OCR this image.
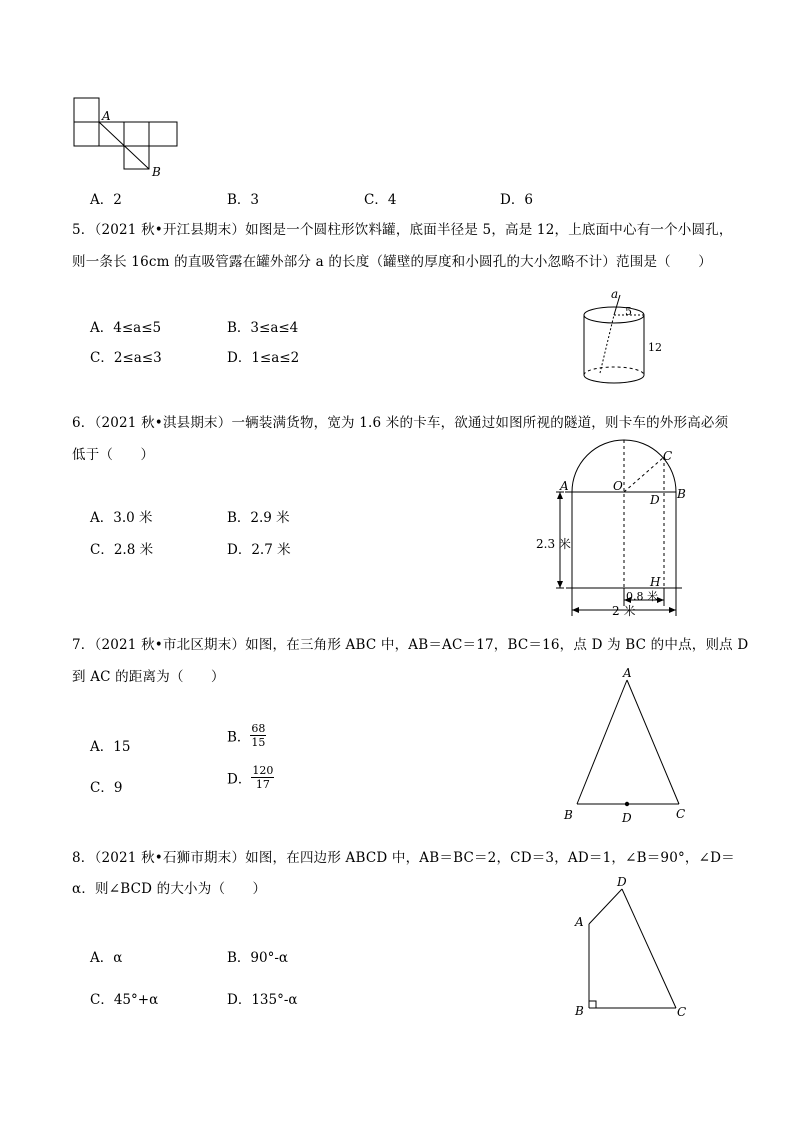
A
B
A．2	B．3	C．4	D．6
5．（2021 秋•开江县期末）如图是一个圆柱形饮料罐，底面半径是 5，高是 12，上底面中心有一个小圆孔，
则一条长 16cm 的直吸管露在罐外部分 a 的长度（罐壁的厚度和小圆孔的大小忽略不计）范围是（　　）
A．4≤a≤5	B．3≤a≤4
C．2≤a≤3	D．1≤a≤2
a
5
12
6．（2021 秋•淇县期末）一辆装满货物，宽为 1.6 米的卡车，欲通过如图所视的隧道，则卡车的外形高必须
低于（　　）
A．3.0 米	B．2.9 米
C．2.8 米	D．2.7 米
A	O
C
D B
H
2.3 米
0.8 米
2 米
7．（2021 秋•市北区期末）如图，在三角形 ABC 中，AB＝AC＝17，BC＝16，点 D 为 BC 的中点，则点 D
到 AC 的距离为（　　）
A．15
B． $\frac{68}{15}$
C．9
D． $\frac{120}{17}$
A
B	C
D
8．（2021 秋•石狮市期末）如图，在四边形 ABCD 中，AB＝BC＝2，CD＝3，AD＝1，∠B＝90°，∠D＝
α．则∠BCD 的大小为（　　）
A．α	B．90°-α
C．45°+α	D．135°-α
D
A
B	C
